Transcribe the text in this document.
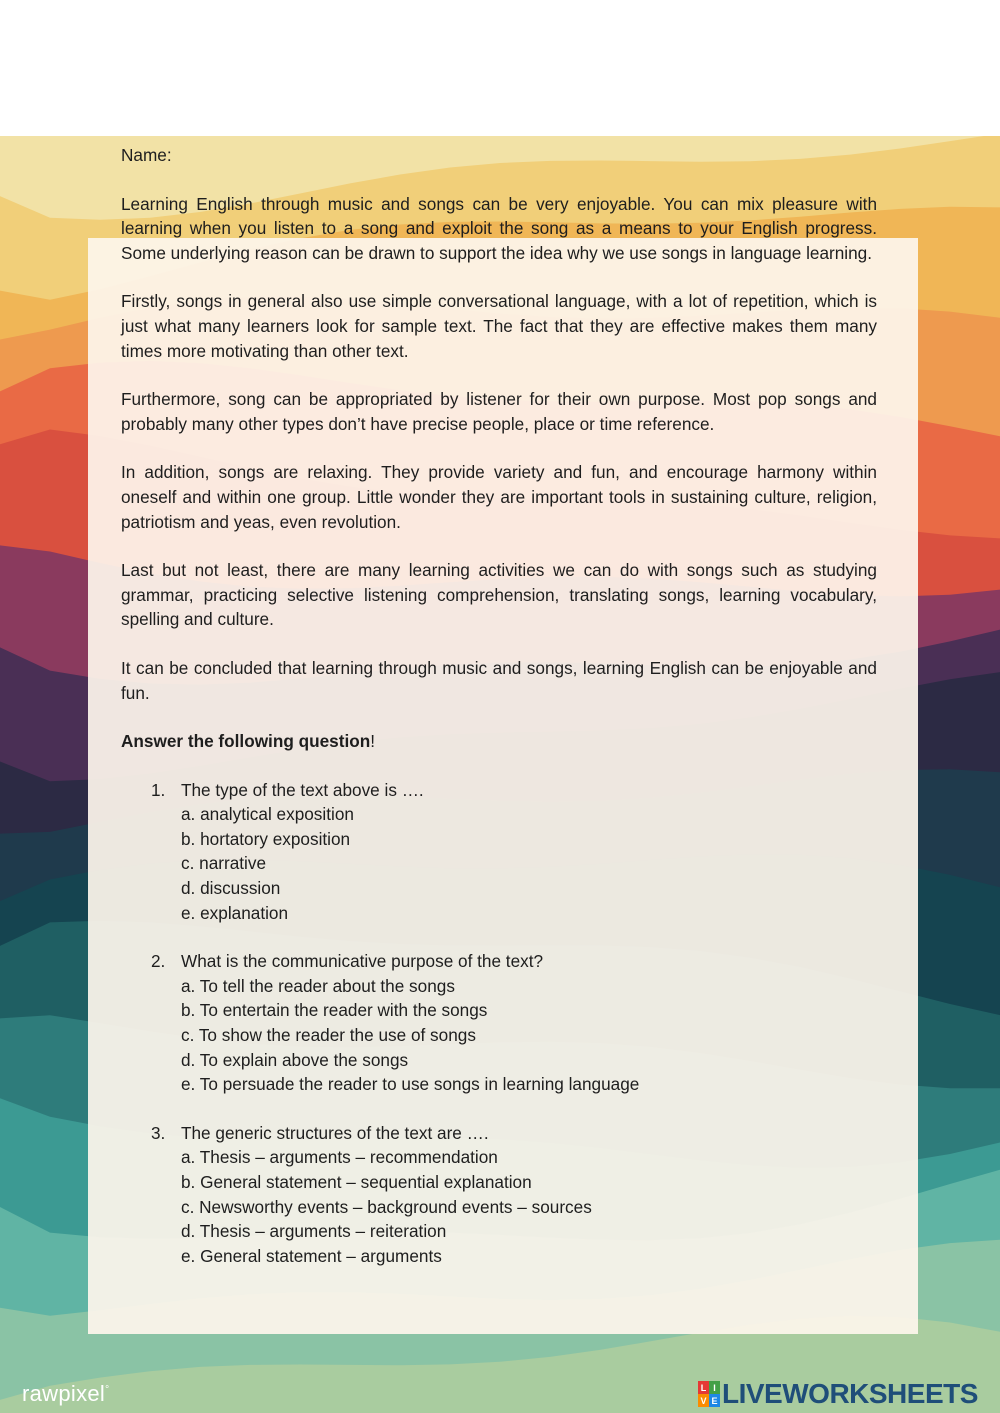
Name:

Learning English through music and songs can be very enjoyable. You can mix pleasure with learning when you listen to a song and exploit the song as a means to your English progress. Some underlying reason can be drawn to support the idea why we use songs in language learning.

Firstly, songs in general also use simple conversational language, with a lot of repetition, which is just what many learners look for sample text. The fact that they are effective makes them many times more motivating than other text.

Furthermore, song can be appropriated by listener for their own purpose. Most pop songs and probably many other types don’t have precise people, place or time reference.

In addition, songs are relaxing. They provide variety and fun, and encourage harmony within oneself and within one group. Little wonder they are important tools in sustaining culture, religion, patriotism and yeas, even revolution.

Last but not least, there are many learning activities we can do with songs such as studying grammar, practicing selective listening comprehension, translating songs, learning vocabulary, spelling and culture.

It can be concluded that learning through music and songs, learning English can be enjoyable and fun.

Answer the following question!

1. The type of the text above is ….
a. analytical exposition
b. hortatory exposition
c. narrative
d. discussion
e. explanation
2. What is the communicative purpose of the text?
a. To tell the reader about the songs
b. To entertain the reader with the songs
c. To show the reader the use of songs
d. To explain above the songs
e. To persuade the reader to use songs in learning language
3. The generic structures of the text are ….
a. Thesis – arguments – recommendation
b. General statement – sequential explanation
c. Newsworthy events – background events – sources
d. Thesis – arguments – reiteration
e. General statement – arguments
rawpixel°	L I
V E LIVEWORKSHEETS
